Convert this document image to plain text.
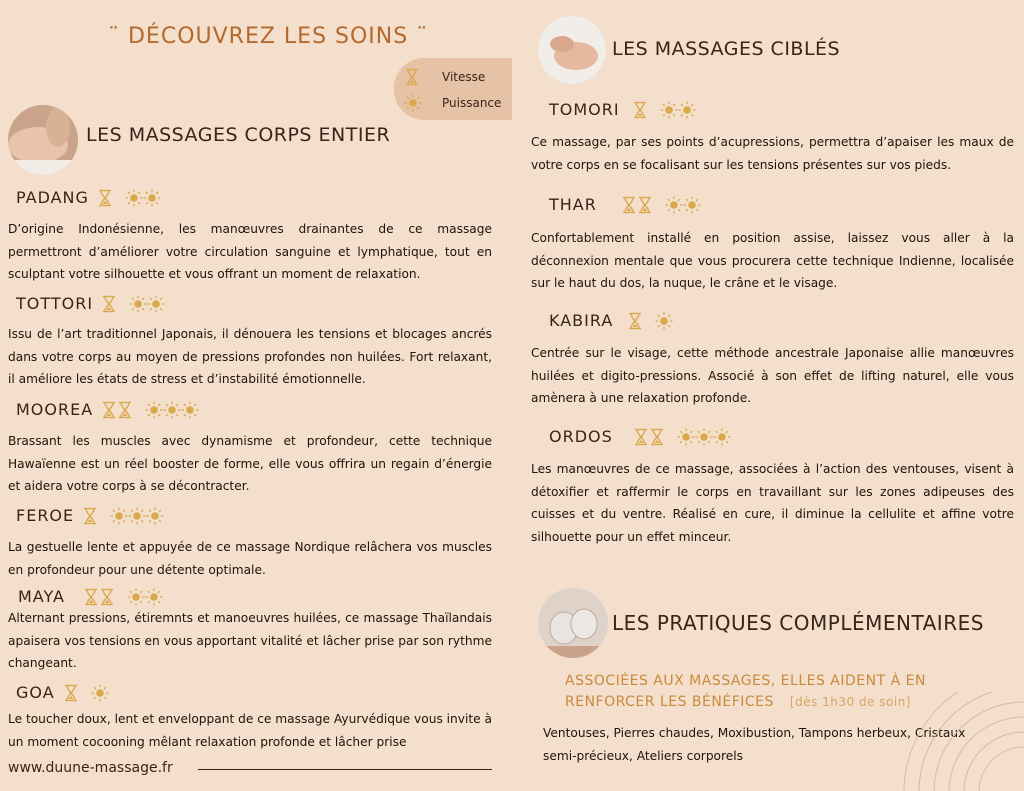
¨ DÉCOUVREZ LES SOINS ¨
Vitesse
Puissance
LES MASSAGES CORPS ENTIER
PADANG
D’origine Indonésienne, les manœuvres drainantes de ce massage permettront d’améliorer votre circulation sanguine et lymphatique, tout en sculptant votre silhouette et vous offrant un moment de relaxation.
TOTTORI
Issu de l’art traditionnel Japonais, il dénouera les tensions et blocages ancrés dans votre corps au moyen de pressions profondes non huilées. Fort relaxant, il améliore les états de stress et d’instabilité émotionnelle.
MOOREA
Brassant les muscles avec dynamisme et profondeur, cette technique Hawaïenne est un réel booster de forme, elle vous offrira un regain d’énergie et aidera votre corps à se décontracter.
FEROE
La gestuelle lente et appuyée de ce massage Nordique relâchera vos muscles en profondeur pour une détente optimale.
MAYA
Alternant pressions, étiremnts et manoeuvres huilées, ce massage Thaïlandais apaisera vos tensions en vous apportant vitalité et lâcher prise par son rythme changeant.
GOA
Le toucher doux, lent et enveloppant de ce massage Ayurvédique vous invite à un moment cocooning mêlant relaxation profonde et lâcher prise
LES MASSAGES CIBLÉS
TOMORI
Ce massage, par ses points d’acupressions, permettra d’apaiser les maux de votre corps en se focalisant sur les tensions présentes sur vos pieds.
THAR
Confortablement installé en position assise, laissez vous aller à la déconnexion mentale que vous procurera cette technique Indienne, localisée sur le haut du dos, la nuque, le crâne et le visage.
KABIRA
Centrée sur le visage, cette méthode ancestrale Japonaise allie manœuvres huilées et digito-pressions. Associé à son effet de lifting naturel, elle vous amènera à une relaxation profonde.
ORDOS
Les manœuvres de ce massage, associées à l’action des ventouses, visent à détoxifier et raffermir le corps en travaillant sur les zones adipeuses des cuisses et du ventre. Réalisé en cure, il diminue la cellulite et affine votre silhouette pour un effet minceur.
LES PRATIQUES COMPLÉMENTAIRES
ASSOCIÉES AUX MASSAGES, ELLES AIDENT À EN
RENFORCER LES BÉNÉFICES [dès 1h30 de soin]
Ventouses, Pierres chaudes, Moxibustion, Tampons herbeux, Cristaux semi-précieux, Ateliers corporels
www.duune-massage.fr
